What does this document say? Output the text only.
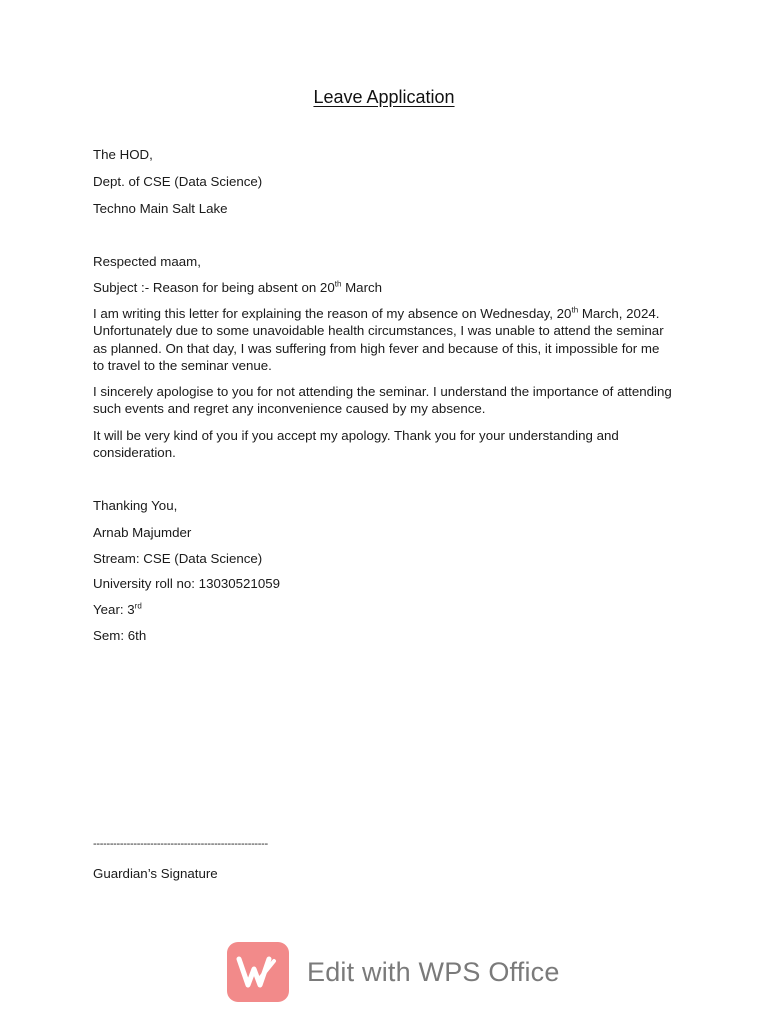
Leave Application
The HOD,
Dept. of CSE (Data Science)
Techno Main Salt Lake
Respected maam,
Subject :- Reason for being absent on 20th March
I am writing this letter for explaining the reason of my absence on Wednesday, 20th March, 2024. Unfortunately due to some unavoidable health circumstances, I was unable to attend the seminar as planned. On that day, I was suffering from high fever and because of this, it impossible for me to travel to the seminar venue.
I sincerely apologise to you for not attending the seminar. I understand the importance of attending such events and regret any inconvenience caused by my absence.
It will be very kind of you if you accept my apology. Thank you for your understanding and consideration.
Thanking You,
Arnab Majumder
Stream: CSE (Data Science)
University roll no: 13030521059
Year: 3rd
Sem: 6th
----------------------------------------------------
Guardian’s Signature
Edit with WPS Office
